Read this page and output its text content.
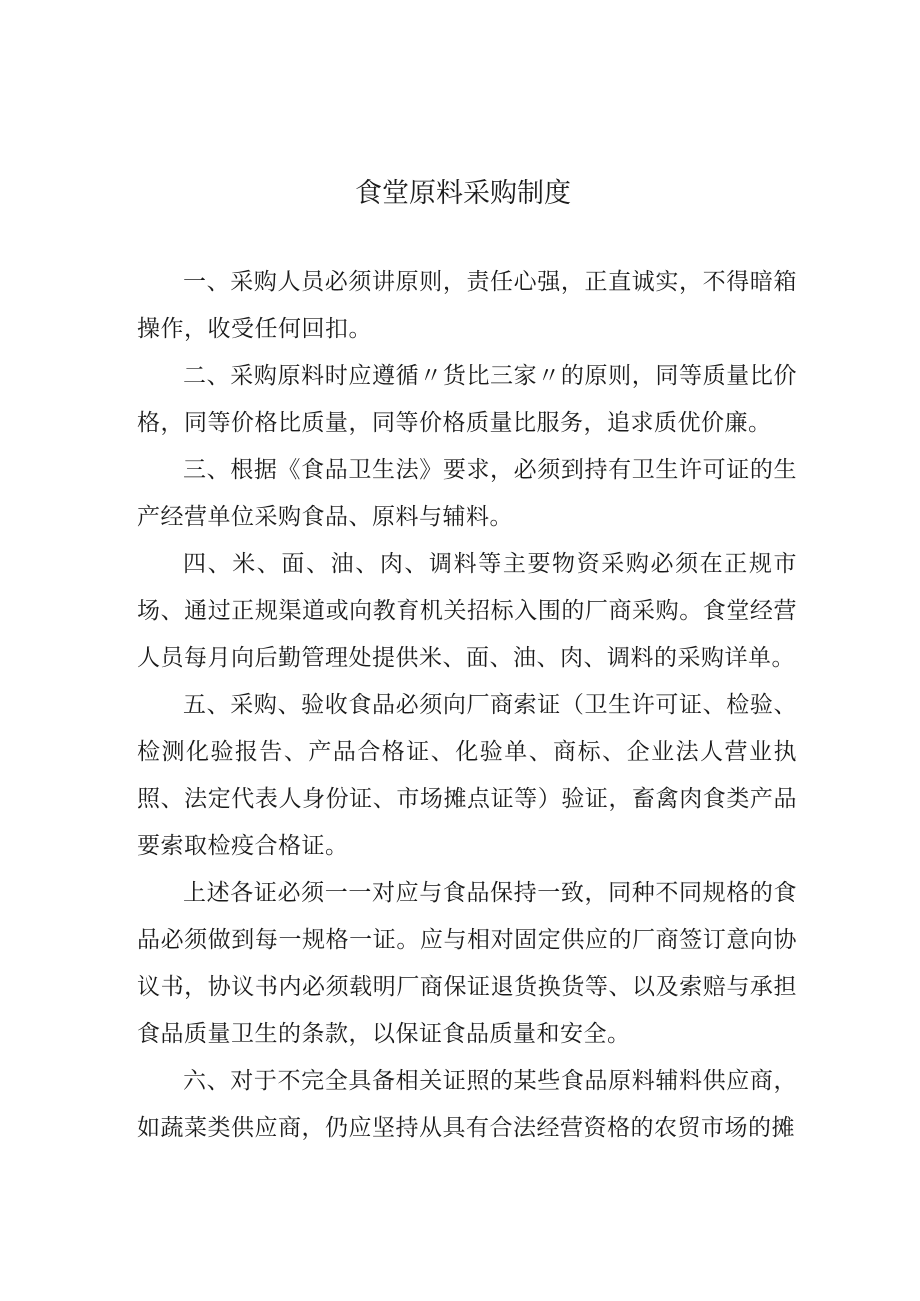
食堂原料采购制度

一、采购人员必须讲原则，责任心强，正直诚实，不得暗箱操作，收受任何回扣。

二、采购原料时应遵循〃货比三家〃的原则，同等质量比价格，同等价格比质量，同等价格质量比服务，追求质优价廉。

三、根据《食品卫生法》要求，必须到持有卫生许可证的生产经营单位采购食品、原料与辅料。

四、米、面、油、肉、调料等主要物资采购必须在正规市场、通过正规渠道或向教育机关招标入围的厂商采购。食堂经营人员每月向后勤管理处提供米、面、油、肉、调料的采购详单。

五、采购、验收食品必须向厂商索证（卫生许可证、检验、检测化验报告、产品合格证、化验单、商标、企业法人营业执照、法定代表人身份证、市场摊点证等）验证，畜禽肉食类产品要索取检疫合格证。

上述各证必须一一对应与食品保持一致，同种不同规格的食品必须做到每一规格一证。应与相对固定供应的厂商签订意向协议书，协议书内必须载明厂商保证退货换货等、以及索赔与承担食品质量卫生的条款，以保证食品质量和安全。

六、对于不完全具备相关证照的某些食品原料辅料供应商，如蔬菜类供应商，仍应坚持从具有合法经营资格的农贸市场的摊
